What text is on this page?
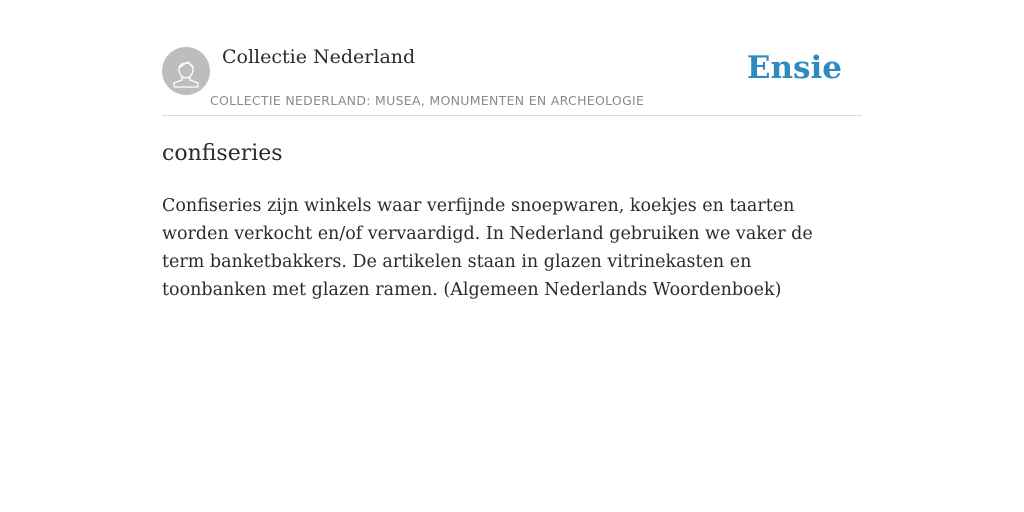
Collectie Nederland
COLLECTIE NEDERLAND: MUSEA, MONUMENTEN EN ARCHEOLOGIE
Ensie
confiseries

Confiseries zijn winkels waar verfijnde snoepwaren, koekjes en taarten worden verkocht en/of vervaardigd. In Nederland gebruiken we vaker de term banketbakkers. De artikelen staan in glazen vitrinekasten en toonbanken met glazen ramen. (Algemeen Nederlands Woordenboek)
